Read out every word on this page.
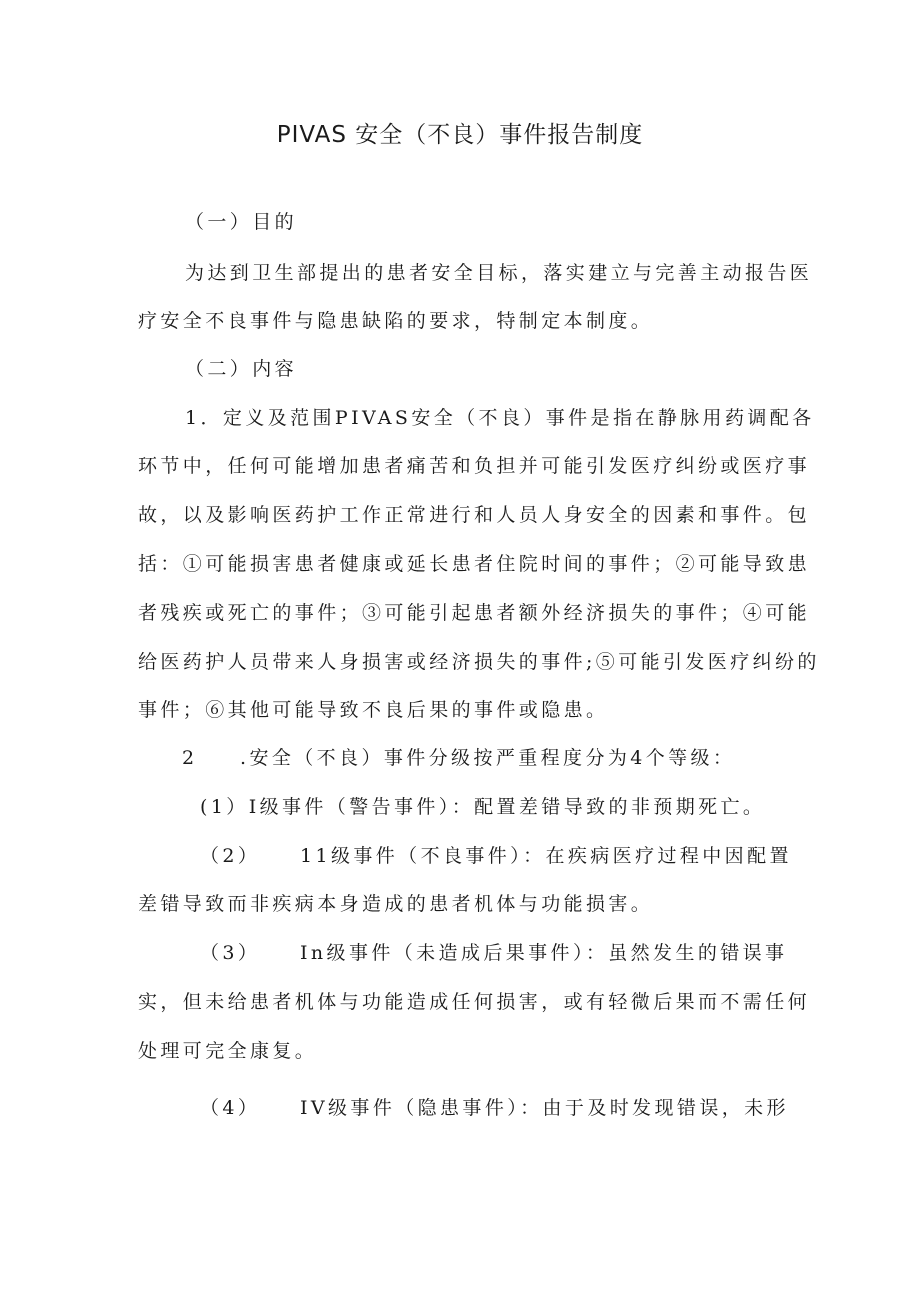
PIVAS 安全（不良）事件报告制度

（一）目的

为达到卫生部提出的患者安全目标，落实建立与完善主动报告医

疗安全不良事件与隐患缺陷的要求，特制定本制度。

（二）内容

1．定义及范围PIVAS安全（不良）事件是指在静脉用药调配各

环节中，任何可能增加患者痛苦和负担并可能引发医疗纠纷或医疗事

故，以及影响医药护工作正常进行和人员人身安全的因素和事件。包

括：①可能损害患者健康或延长患者住院时间的事件；②可能导致患

者残疾或死亡的事件；③可能引起患者额外经济损失的事件；④可能

给医药护人员带来人身损害或经济损失的事件;⑤可能引发医疗纠纷的

事件；⑥其他可能导致不良后果的事件或隐患。

2	.安全（不良）事件分级按严重程度分为4个等级：

(1）I级事件（警告事件）：配置差错导致的非预期死亡。

（2）	11级事件（不良事件）：在疾病医疗过程中因配置

差错导致而非疾病本身造成的患者机体与功能损害。

（3）	In级事件（未造成后果事件）：虽然发生的错误事

实，但未给患者机体与功能造成任何损害，或有轻微后果而不需任何

处理可完全康复。

（4）	IV级事件（隐患事件）：由于及时发现错误，未形
